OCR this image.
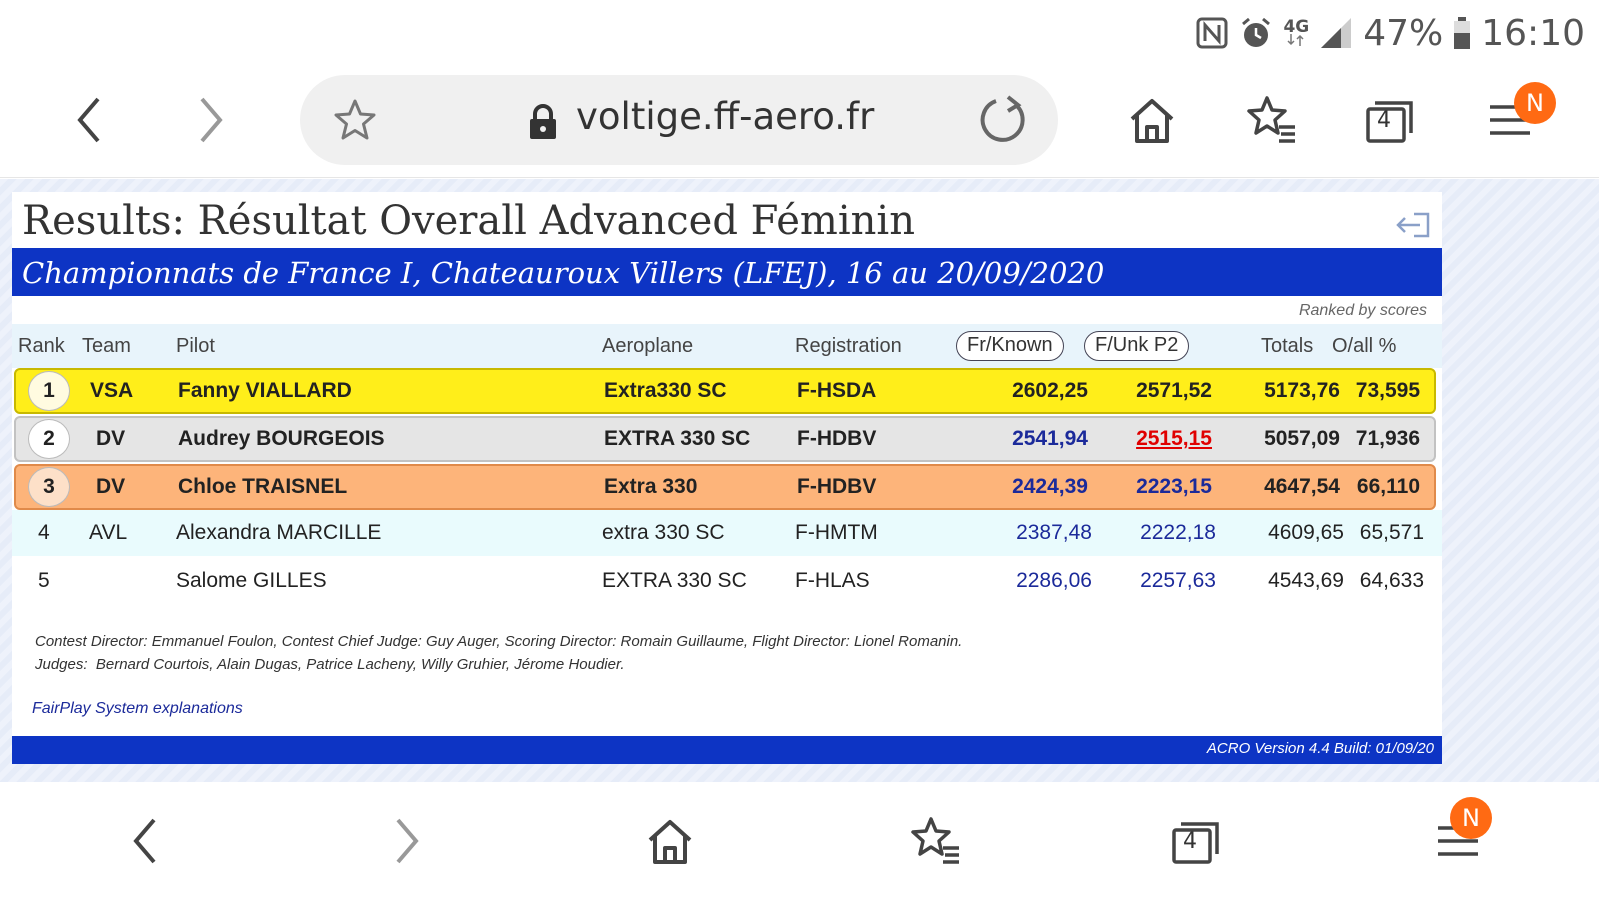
4G 47% 16:10
voltige.ff-aero.fr	4
N
Results: Résultat Overall Advanced Féminin
Championnats de France I, Chateauroux Villers (LFEJ), 16 au 20/09/2020
Ranked by scores
Rank Team Pilot	Aeroplane	Registration	Fr/Known	F/Unk P2	Totals O/all %
1	VSA Fanny VIALLARD	Extra330 SC	F-HSDA	2602,25 2571,52 5173,76 73,595
2	DV	Audrey BOURGEOIS	EXTRA 330 SC F-HDBV	2541,94 2515,15 5057,09 71,936
3	DV	Chloe TRAISNEL	Extra 330	F-HDBV	2424,39 2223,15 4647,54 66,110
4 AVL Alexandra MARCILLE	extra 330 SC	F-HMTM	2387,48 2222,18 4609,65 65,571
5	Salome GILLES	EXTRA 330 SC F-HLAS	2286,06 2257,63 4543,69 64,633
Contest Director: Emmanuel Foulon, Contest Chief Judge: Guy Auger, Scoring Director: Romain Guillaume, Flight Director: Lionel Romanin.
Judges:  Bernard Courtois, Alain Dugas, Patrice Lacheny, Willy Gruhier, Jérome Houdier.
FairPlay System explanations
ACRO Version 4.4 Build: 01/09/20
4
N
